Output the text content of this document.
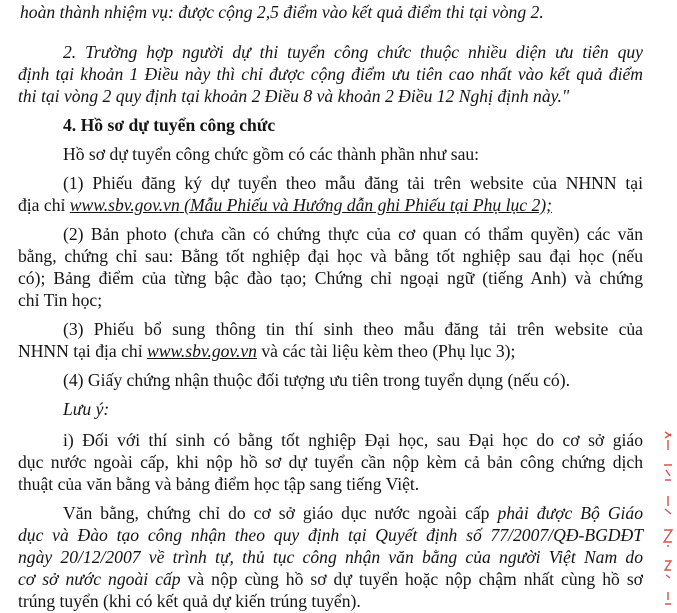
hoàn thành nhiệm vụ: được cộng 2,5 điểm vào kết quả điểm thi tại vòng 2.
2. Trường hợp người dự thi tuyển công chức thuộc nhiều diện ưu tiên quy
định tại khoản 1 Điều này thì chỉ được cộng điểm ưu tiên cao nhất vào kết quả điểm
thi tại vòng 2 quy định tại khoản 2 Điều 8 và khoản 2 Điều 12 Nghị định này."
4. Hồ sơ dự tuyển công chức
Hồ sơ dự tuyển công chức gồm có các thành phần như sau:
(1) Phiếu đăng ký dự tuyển theo mẫu đăng tải trên website của NHNN tại
địa chỉ www.sbv.gov.vn (Mẫu Phiếu và Hướng dẫn ghi Phiếu tại Phụ lục 2);
(2) Bản photo (chưa cần có chứng thực của cơ quan có thẩm quyền) các văn
bằng, chứng chỉ sau: Bằng tốt nghiệp đại học và bằng tốt nghiệp sau đại học (nếu
có); Bảng điểm của từng bậc đào tạo; Chứng chỉ ngoại ngữ (tiếng Anh) và chứng
chỉ Tin học;
(3) Phiếu bổ sung thông tin thí sinh theo mẫu đăng tải trên website của
NHNN tại địa chỉ www.sbv.gov.vn và các tài liệu kèm theo (Phụ lục 3);
(4) Giấy chứng nhận thuộc đối tượng ưu tiên trong tuyển dụng (nếu có).
Lưu ý:
i) Đối với thí sinh có bằng tốt nghiệp Đại học, sau Đại học do cơ sở giáo
dục nước ngoài cấp, khi nộp hồ sơ dự tuyển cần nộp kèm cả bản công chứng dịch
thuật của văn bằng và bảng điểm học tập sang tiếng Việt.
Văn bằng, chứng chỉ do cơ sở giáo dục nước ngoài cấp phải được Bộ Giáo
dục và Đào tạo công nhận theo quy định tại Quyết định số 77/2007/QĐ-BGDĐT
ngày 20/12/2007 về trình tự, thủ tục công nhận văn bằng của người Việt Nam do
cơ sở nước ngoài cấp và nộp cùng hồ sơ dự tuyển hoặc nộp chậm nhất cùng hồ sơ
trúng tuyển (khi có kết quả dự kiến trúng tuyển).
